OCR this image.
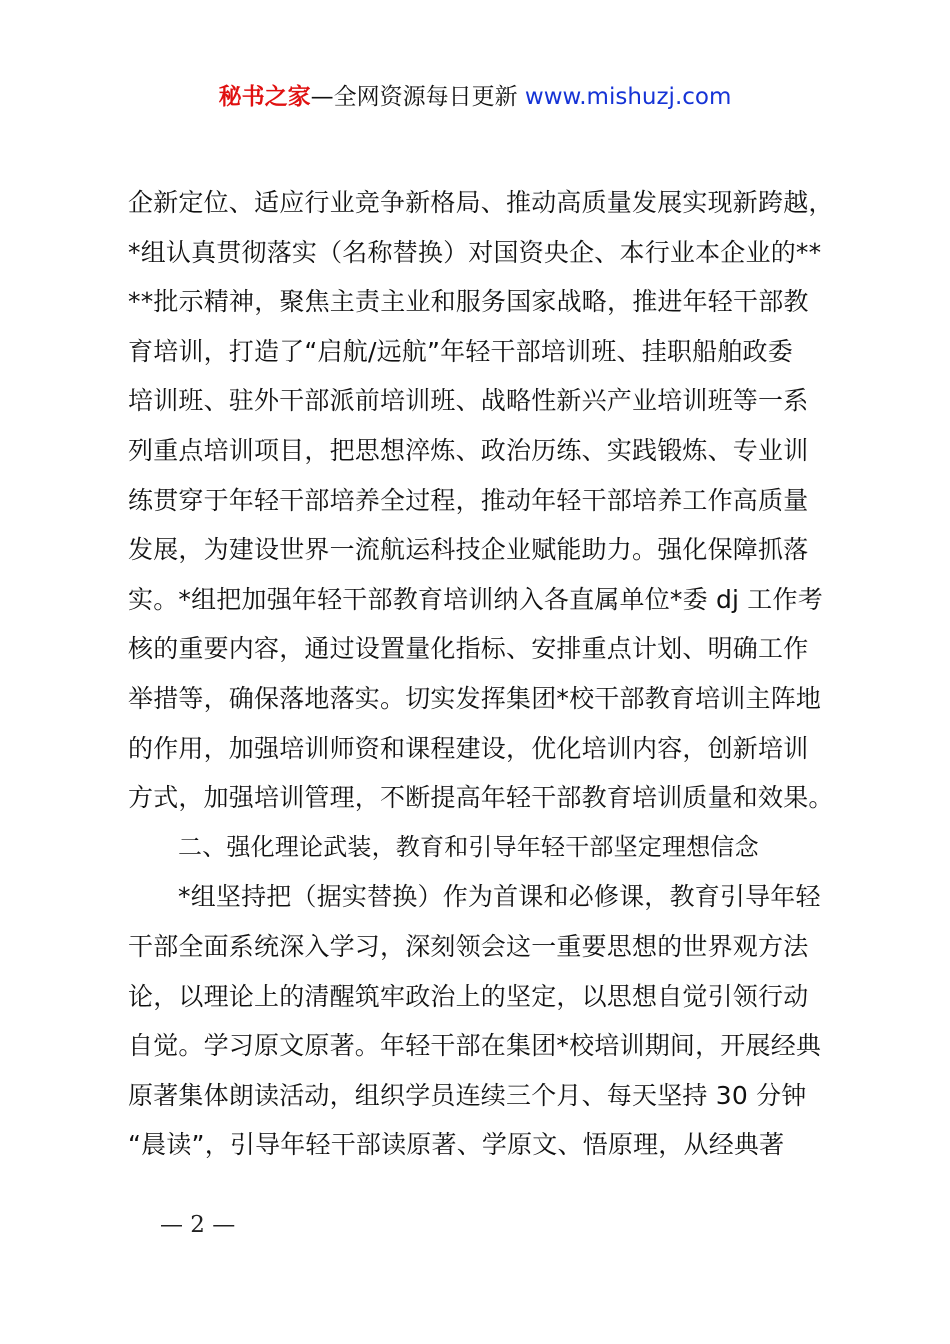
秘书之家—全网资源每日更新 www.mishuzj.com
企新定位、适应行业竞争新格局、推动高质量发展实现新跨越，
*组认真贯彻落实（名称替换）对国资央企、本行业本企业的**
**批示精神，聚焦主责主业和服务国家战略，推进年轻干部教
育培训，打造了“启航/远航”年轻干部培训班、挂职船舶政委
培训班、驻外干部派前培训班、战略性新兴产业培训班等一系
列重点培训项目，把思想淬炼、政治历练、实践锻炼、专业训
练贯穿于年轻干部培养全过程，推动年轻干部培养工作高质量
发展，为建设世界一流航运科技企业赋能助力。强化保障抓落
实。*组把加强年轻干部教育培训纳入各直属单位*委 dj 工作考
核的重要内容，通过设置量化指标、安排重点计划、明确工作
举措等，确保落地落实。切实发挥集团*校干部教育培训主阵地
的作用，加强培训师资和课程建设，优化培训内容，创新培训
方式，加强培训管理，不断提高年轻干部教育培训质量和效果。
二、强化理论武装，教育和引导年轻干部坚定理想信念
*组坚持把（据实替换）作为首课和必修课，教育引导年轻
干部全面系统深入学习，深刻领会这一重要思想的世界观方法
论，以理论上的清醒筑牢政治上的坚定，以思想自觉引领行动
自觉。学习原文原著。年轻干部在集团*校培训期间，开展经典
原著集体朗读活动，组织学员连续三个月、每天坚持 30 分钟
“晨读”，引导年轻干部读原著、学原文、悟原理，从经典著
— 2 —
